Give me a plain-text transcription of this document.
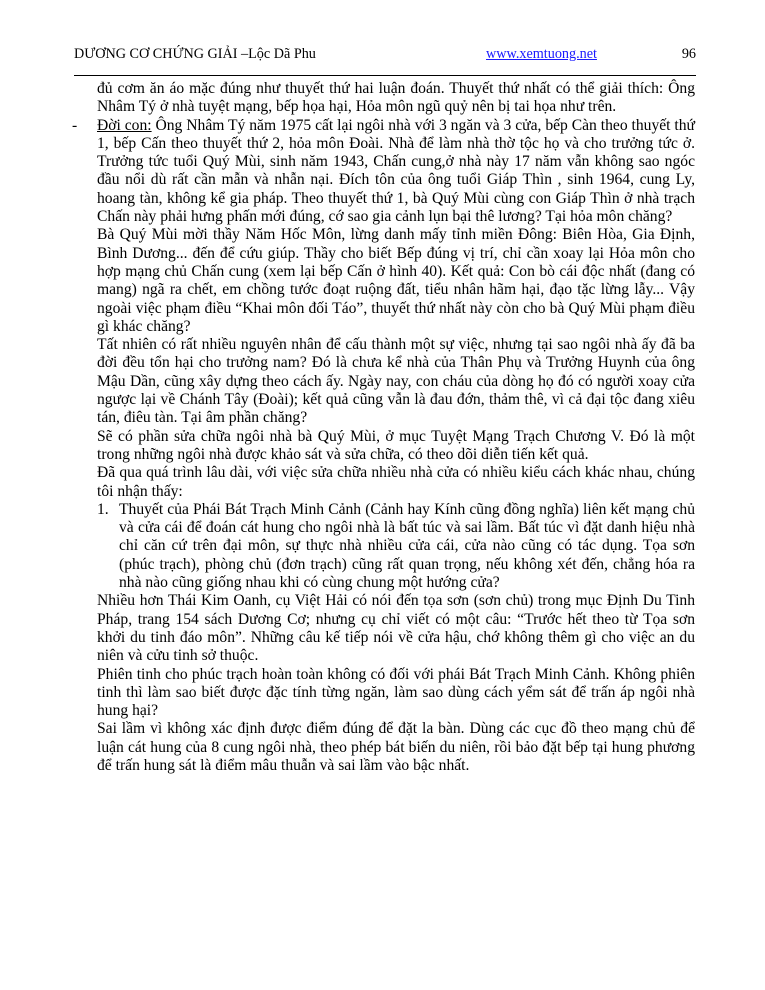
DƯƠNG CƠ CHỨNG GIẢI –Lộc Dã Phu	www.xemtuong.net	96

đủ cơm ăn áo mặc đúng như thuyết thứ hai luận đoán. Thuyết thứ nhất có thể giải thích: Ông Nhâm Tý ở nhà tuyệt mạng, bếp họa hại, Hỏa môn ngũ quỷ nên bị tai họa như trên.

- Đời con: Ông Nhâm Tý năm 1975 cất lại ngôi nhà với 3 ngăn và 3 cửa, bếp Càn theo thuyết thứ 1, bếp Cấn theo thuyết thứ 2, hỏa môn Đoài. Nhà để làm nhà thờ tộc họ và cho trưởng tức ở. Trưởng tức tuổi Quý Mùi, sinh năm 1943, Chấn cung,ở nhà này 17 năm vẫn không sao ngóc đầu nổi dù rất cần mẫn và nhẫn nại. Đích tôn của ông tuổi Giáp Thìn , sinh 1964, cung Ly, hoang tàn, không kể gia pháp. Theo thuyết thứ 1, bà Quý Mùi cùng con Giáp Thìn ở nhà trạch Chấn này phải hưng phấn mới đúng, cớ sao gia cảnh lụn bại thê lương? Tại hỏa môn chăng?

Bà Quý Mùi mời thầy Năm Hốc Môn, lừng danh mấy tỉnh miền Đông: Biên Hòa, Gia Định, Bình Dương... đến để cứu giúp. Thầy cho biết Bếp đúng vị trí, chỉ cần xoay lại Hỏa môn cho hợp mạng chủ Chấn cung (xem lại bếp Cấn ở hình 40). Kết quả: Con bò cái độc nhất (đang có mang) ngã ra chết, em chồng tước đoạt ruộng đất, tiểu nhân hãm hại, đạo tặc lừng lẫy... Vậy ngoài việc phạm điều “Khai môn đối Táo”, thuyết thứ nhất này còn cho bà Quý Mùi phạm điều gì khác chăng?

Tất nhiên có rất nhiều nguyên nhân để cấu thành một sự việc, nhưng tại sao ngôi nhà ấy đã ba đời đều tổn hại cho trưởng nam? Đó là chưa kể nhà của Thân Phụ và Trưởng Huynh của ông Mậu Dần, cũng xây dựng theo cách ấy. Ngày nay, con cháu của dòng họ đó có người xoay cửa ngược lại về Chánh Tây (Đoài); kết quả cũng vẫn là đau đớn, thảm thê, vì cả đại tộc đang xiêu tán, điêu tàn. Tại âm phần chăng?

Sẽ có phần sửa chữa ngôi nhà bà Quý Mùi, ở mục Tuyệt Mạng Trạch Chương V. Đó là một trong những ngôi nhà được khảo sát và sửa chữa, có theo dõi diễn tiến kết quả.

Đã qua quá trình lâu dài, với việc sửa chữa nhiều nhà cửa có nhiều kiểu cách khác nhau, chúng tôi nhận thấy:

1. Thuyết của Phái Bát Trạch Minh Cảnh (Cảnh hay Kính cũng đồng nghĩa) liên kết mạng chủ và cửa cái để đoán cát hung cho ngôi nhà là bất túc và sai lầm. Bất túc vì đặt danh hiệu nhà chỉ căn cứ trên đại môn, sự thực nhà nhiều cửa cái, cửa nào cũng có tác dụng. Tọa sơn (phúc trạch), phòng chủ (đơn trạch) cũng rất quan trọng, nếu không xét đến, chẳng hóa ra nhà nào cũng giống nhau khi có cùng chung một hướng cửa?

Nhiều hơn Thái Kim Oanh, cụ Việt Hải có nói đến tọa sơn (sơn chủ) trong mục Định Du Tinh Pháp, trang 154 sách Dương Cơ; nhưng cụ chỉ viết có một câu: “Trước hết theo từ Tọa sơn khởi du tinh đáo môn”. Những câu kế tiếp nói về cửa hậu, chớ không thêm gì cho việc an du niên và cửu tinh sở thuộc.

Phiên tinh cho phúc trạch hoàn toàn không có đối với phái Bát Trạch Minh Cảnh. Không phiên tinh thì làm sao biết được đặc tính từng ngăn, làm sao dùng cách yểm sát để trấn áp ngôi nhà hung hại?

Sai lầm vì không xác định được điểm đúng để đặt la bàn. Dùng các cục đồ theo mạng chủ để luận cát hung của 8 cung ngôi nhà, theo phép bát biến du niên, rồi bảo đặt bếp tại hung phương để trấn hung sát là điểm mâu thuẫn và sai lầm vào bậc nhất.
